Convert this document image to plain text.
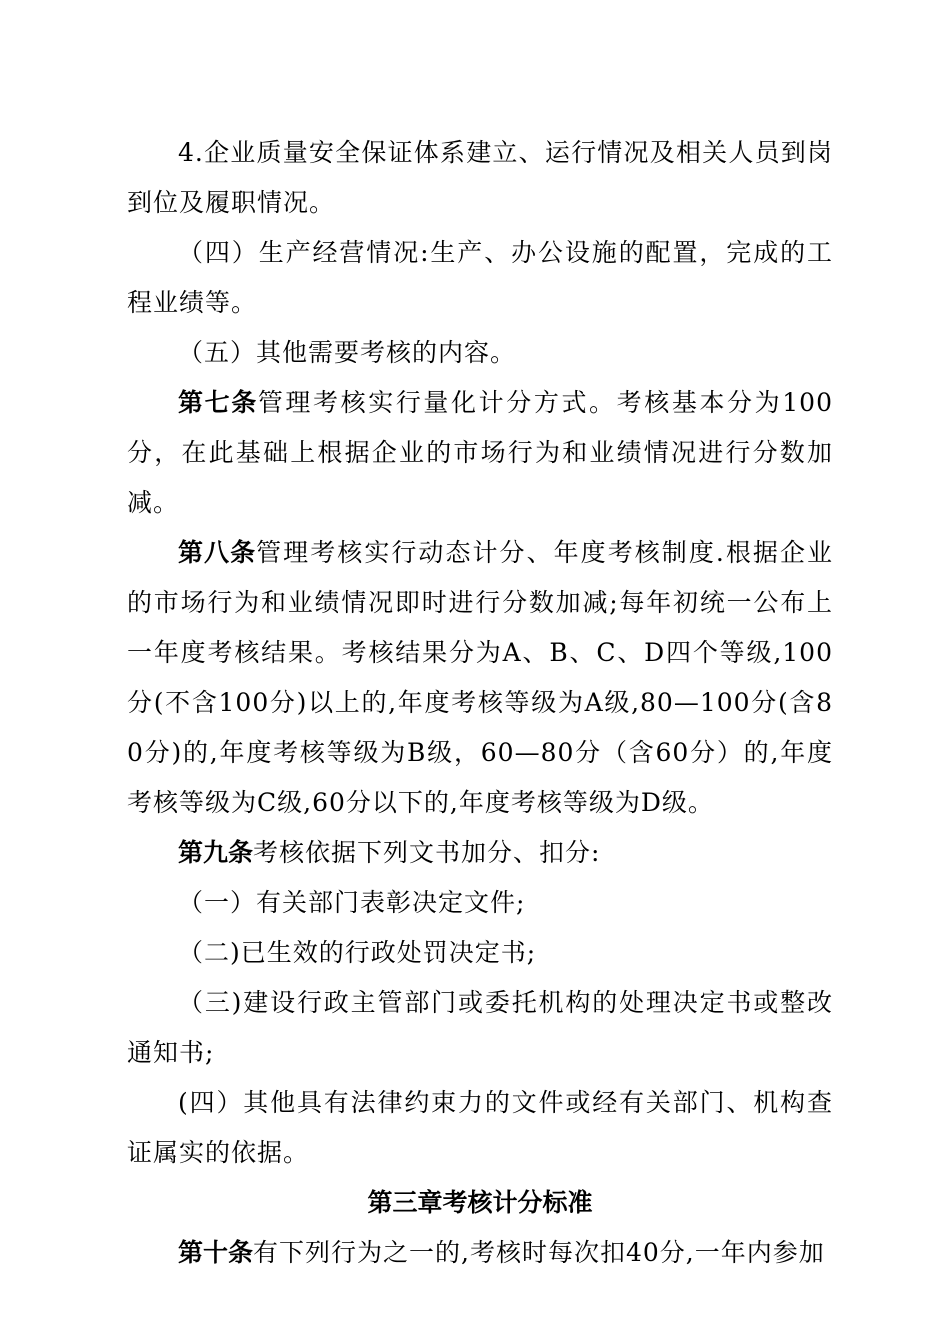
4.企业质量安全保证体系建立、运行情况及相关人员到岗到位及履职情况。

（四）生产经营情况:生产、办公设施的配置，完成的工程业绩等。

（五）其他需要考核的内容。

第七条管理考核实行量化计分方式。考核基本分为100分，在此基础上根据企业的市场行为和业绩情况进行分数加减。

第八条管理考核实行动态计分、年度考核制度.根据企业的市场行为和业绩情况即时进行分数加减;每年初统一公布上一年度考核结果。考核结果分为A、B、C、D四个等级,100分(不含100分)以上的,年度考核等级为A级,80—100分(含80分)的,年度考核等级为B级，60—80分（含60分）的,年度考核等级为C级,60分以下的,年度考核等级为D级。

第九条考核依据下列文书加分、扣分:

（一）有关部门表彰决定文件;

（二)已生效的行政处罚决定书;

（三)建设行政主管部门或委托机构的处理决定书或整改通知书;

(四）其他具有法律约束力的文件或经有关部门、机构查证属实的依据。

第三章考核计分标准

第十条有下列行为之一的,考核时每次扣40分,一年内参加
